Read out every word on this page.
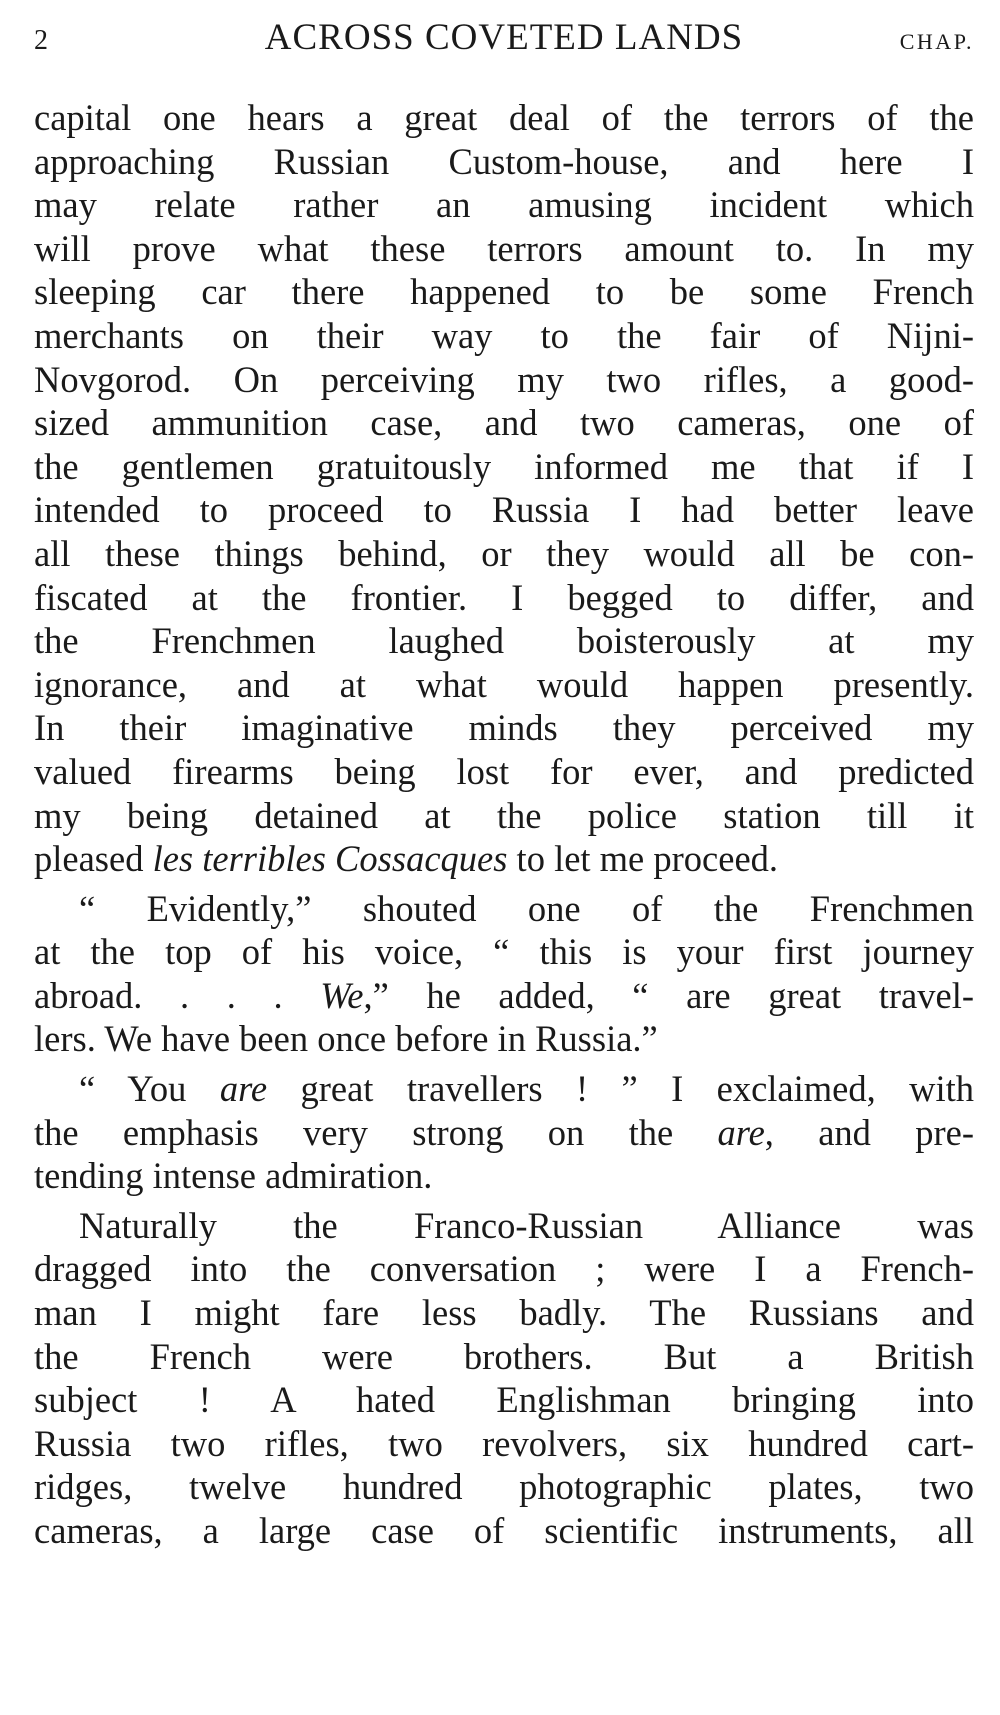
2	ACROSS COVETED LANDS	CHAP.
capital one hears a great deal of the terrors of the
approaching Russian Custom-house, and here I
may relate rather an amusing incident which
will prove what these terrors amount to. In my
sleeping car there happened to be some French
merchants on their way to the fair of Nijni-
Novgorod. On perceiving my two rifles, a good-
sized ammunition case, and two cameras, one of
the gentlemen gratuitously informed me that if I
intended to proceed to Russia I had better leave
all these things behind, or they would all be con-
fiscated at the frontier. I begged to differ, and
the Frenchmen laughed boisterously at my
ignorance, and at what would happen presently.
In their imaginative minds they perceived my
valued firearms being lost for ever, and predicted
my being detained at the police station till it
pleased les terribles Cossacques to let me proceed.
“ Evidently,” shouted one of the Frenchmen
at the top of his voice, “ this is your first journey
abroad. . . . We,” he added, “ are great travel-
lers. We have been once before in Russia.”
“ You are great travellers ! ” I exclaimed, with
the emphasis very strong on the are, and pre-
tending intense admiration.
Naturally the Franco-Russian Alliance was
dragged into the conversation ; were I a French-
man I might fare less badly. The Russians and
the French were brothers. But a British
subject ! A hated Englishman bringing into
Russia two rifles, two revolvers, six hundred cart-
ridges, twelve hundred photographic plates, two
cameras, a large case of scientific instruments, all
